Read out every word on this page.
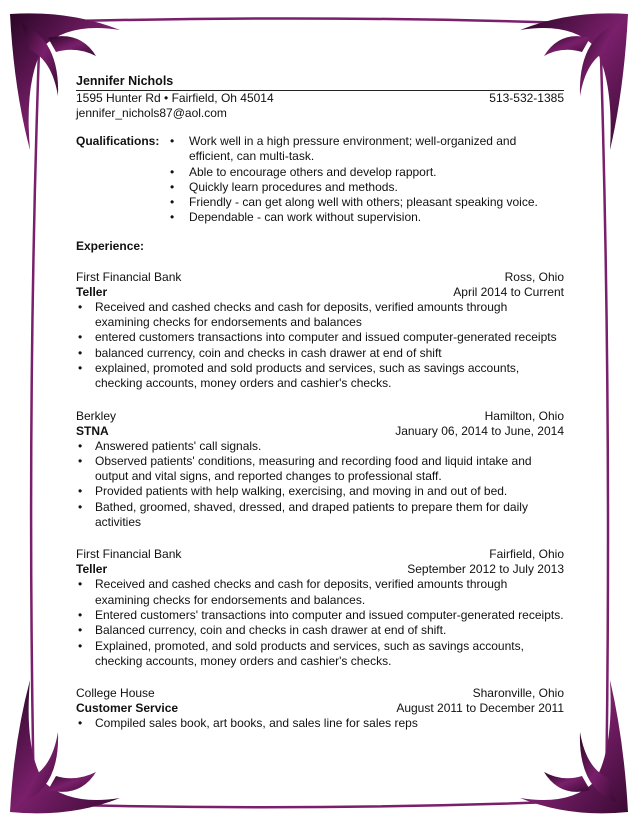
Jennifer Nichols
1595 Hunter Rd • Fairfield, Oh 45014	513-532-1385
jennifer_nichols87@aol.com
Qualifications:
•	Work well in a high pressure environment; well-organized and efficient, can multi-task.
• Able to encourage others and develop rapport.
• Quickly learn procedures and methods.
• Friendly - can get along well with others; pleasant speaking voice.
• Dependable - can work without supervision.
Experience:
First Financial Bank	Ross, Ohio
Teller	April 2014 to Current
• Received and cashed checks and cash for deposits, verified amounts through examining checks for endorsements and balances
• entered customers transactions into computer and issued computer-generated receipts
• balanced currency, coin and checks in cash drawer at end of shift
• explained, promoted and sold products and services, such as savings accounts, checking accounts, money orders and cashier's checks.
Berkley	Hamilton, Ohio
STNA	January 06, 2014 to June, 2014
• Answered patients' call signals.
• Observed patients' conditions, measuring and recording food and liquid intake and output and vital signs, and reported changes to professional staff.
• Provided patients with help walking, exercising, and moving in and out of bed.
• Bathed, groomed, shaved, dressed, and draped patients to prepare them for daily activities
First Financial Bank	Fairfield, Ohio
Teller	September 2012 to July 2013
• Received and cashed checks and cash for deposits, verified amounts through examining checks for endorsements and balances.
• Entered customers' transactions into computer and issued computer-generated receipts.
• Balanced currency, coin and checks in cash drawer at end of shift.
• Explained, promoted, and sold products and services, such as savings accounts, checking accounts, money orders and cashier's checks.
College House	Sharonville, Ohio
Customer Service	August 2011 to December 2011
• Compiled sales book, art books, and sales line for sales reps
